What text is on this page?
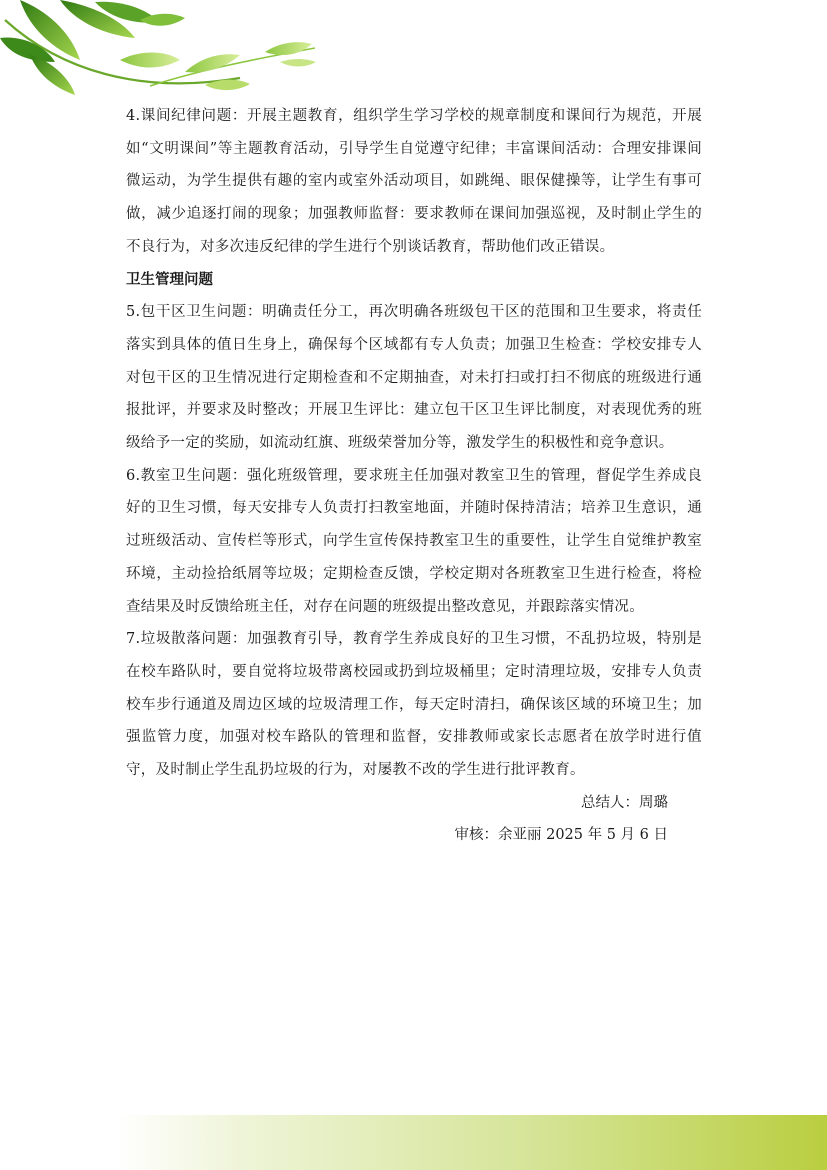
4.课间纪律问题：开展主题教育，组织学生学习学校的规章制度和课间行为规范，开展如“文明课间”等主题教育活动，引导学生自觉遵守纪律；丰富课间活动：合理安排课间微运动，为学生提供有趣的室内或室外活动项目，如跳绳、眼保健操等，让学生有事可做，减少追逐打闹的现象；加强教师监督：要求教师在课间加强巡视，及时制止学生的不良行为，对多次违反纪律的学生进行个别谈话教育，帮助他们改正错误。

卫生管理问题

5.包干区卫生问题：明确责任分工，再次明确各班级包干区的范围和卫生要求，将责任落实到具体的值日生身上，确保每个区域都有专人负责；加强卫生检查：学校安排专人对包干区的卫生情况进行定期检查和不定期抽查，对未打扫或打扫不彻底的班级进行通报批评，并要求及时整改；开展卫生评比：建立包干区卫生评比制度，对表现优秀的班级给予一定的奖励，如流动红旗、班级荣誉加分等，激发学生的积极性和竞争意识。

6.教室卫生问题：强化班级管理，要求班主任加强对教室卫生的管理，督促学生养成良好的卫生习惯，每天安排专人负责打扫教室地面，并随时保持清洁；培养卫生意识，通过班级活动、宣传栏等形式，向学生宣传保持教室卫生的重要性，让学生自觉维护教室环境，主动捡拾纸屑等垃圾；定期检查反馈，学校定期对各班教室卫生进行检查，将检查结果及时反馈给班主任，对存在问题的班级提出整改意见，并跟踪落实情况。

7.垃圾散落问题：加强教育引导，教育学生养成良好的卫生习惯，不乱扔垃圾，特别是在校车路队时，要自觉将垃圾带离校园或扔到垃圾桶里；定时清理垃圾，安排专人负责校车步行通道及周边区域的垃圾清理工作，每天定时清扫，确保该区域的环境卫生；加强监管力度，加强对校车路队的管理和监督，安排教师或家长志愿者在放学时进行值守，及时制止学生乱扔垃圾的行为，对屡教不改的学生进行批评教育。

总结人：周璐

审核：余亚丽 2025 年 5 月 6 日
